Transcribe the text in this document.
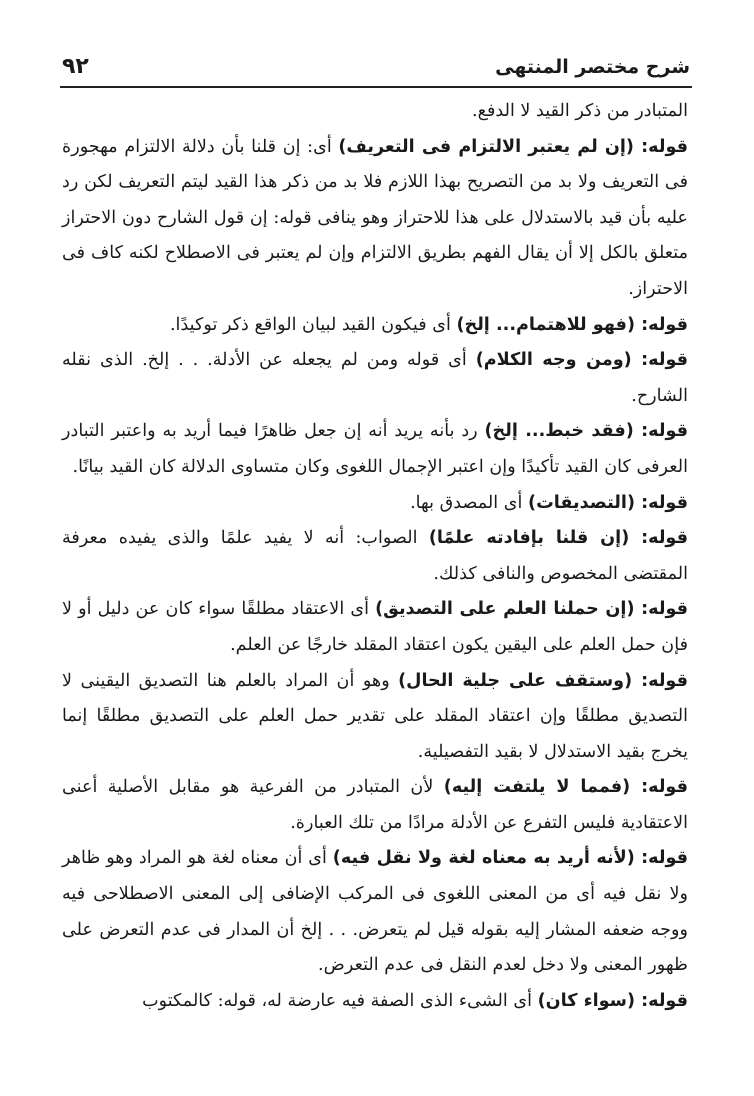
٩٢	شرح مختصر المنتهى

المتبادر من ذكر القيد لا الدفع.

قوله: (إن لم يعتبر الالتزام فى التعريف) أى: إن قلنا بأن دلالة الالتزام مهجورة فى التعريف ولا بد من التصريح بهذا اللازم فلا بد من ذكر هذا القيد ليتم التعريف لكن رد عليه بأن قيد بالاستدلال على هذا للاحتراز وهو ينافى قوله: إن قول الشارح دون الاحتراز متعلق بالكل إلا أن يقال الفهم بطريق الالتزام وإن لم يعتبر فى الاصطلاح لكنه كاف فى الاحتراز.

قوله: (فهو للاهتمام... إلخ) أى فيكون القيد لبيان الواقع ذكر توكيدًا.

قوله: (ومن وجه الكلام) أى قوله ومن لم يجعله عن الأدلة. . . إلخ. الذى نقله الشارح.

قوله: (فقد خبط... إلخ) رد بأنه يريد أنه إن جعل ظاهرًا فيما أريد به واعتبر التبادر العرفى كان القيد تأكيدًا وإن اعتبر الإجمال اللغوى وكان متساوى الدلالة كان القيد بيانًا.

قوله: (التصديقات) أى المصدق بها.

قوله: (إن قلنا بإفادته علمًا) الصواب: أنه لا يفيد علمًا والذى يفيده معرفة المقتضى المخصوص والنافى كذلك.

قوله: (إن حملنا العلم على التصديق) أى الاعتقاد مطلقًا سواء كان عن دليل أو لا فإن حمل العلم على اليقين يكون اعتقاد المقلد خارجًا عن العلم.

قوله: (وستقف على جلية الحال) وهو أن المراد بالعلم هنا التصديق اليقينى لا التصديق مطلقًا وإن اعتقاد المقلد على تقدير حمل العلم على التصديق مطلقًا إنما يخرج بقيد الاستدلال لا بقيد التفصيلية.

قوله: (فمما لا يلتفت إليه) لأن المتبادر من الفرعية هو مقابل الأصلية أعنى الاعتقادية فليس التفرع عن الأدلة مرادًا من تلك العبارة.

قوله: (لأنه أريد به معناه لغة ولا نقل فيه) أى أن معناه لغة هو المراد وهو ظاهر ولا نقل فيه أى من المعنى اللغوى فى المركب الإضافى إلى المعنى الاصطلاحى فيه ووجه ضعفه المشار إليه بقوله قيل لم يتعرض. . . إلخ أن المدار فى عدم التعرض على ظهور المعنى ولا دخل لعدم النقل فى عدم التعرض.

قوله: (سواء كان) أى الشىء الذى الصفة فيه عارضة له، قوله: كالمكتوب
